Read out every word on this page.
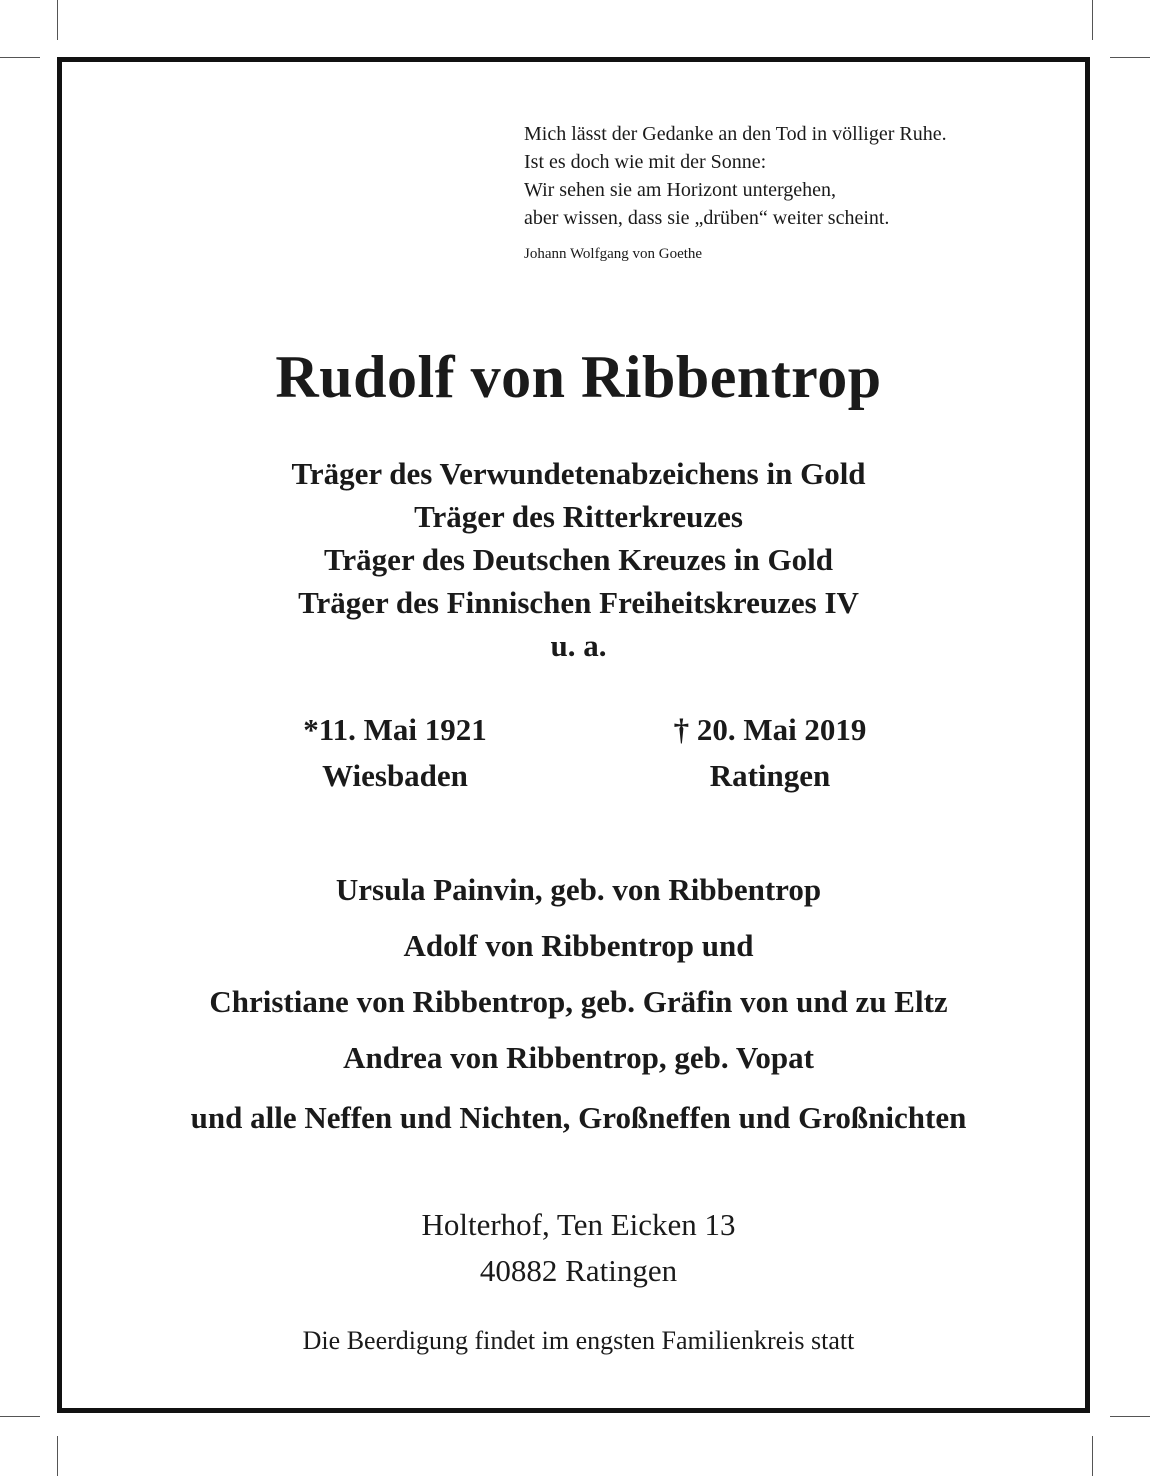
Mich lässt der Gedanke an den Tod in völliger Ruhe.
Ist es doch wie mit der Sonne:
Wir sehen sie am Horizont untergehen,
aber wissen, dass sie „drüben“ weiter scheint.
Johann Wolfgang von Goethe
Rudolf von Ribbentrop
Träger des Verwundetenabzeichens in Gold
Träger des Ritterkreuzes
Träger des Deutschen Kreuzes in Gold
Träger des Finnischen Freiheitskreuzes IV
u. a.
*11. Mai 1921
Wiesbaden
† 20. Mai 2019
Ratingen
Ursula Painvin, geb. von Ribbentrop
Adolf von Ribbentrop und
Christiane von Ribbentrop, geb. Gräfin von und zu Eltz
Andrea von Ribbentrop, geb. Vopat
und alle Neffen und Nichten, Großneffen und Großnichten
Holterhof, Ten Eicken 13
40882 Ratingen
Die Beerdigung findet im engsten Familienkreis statt
